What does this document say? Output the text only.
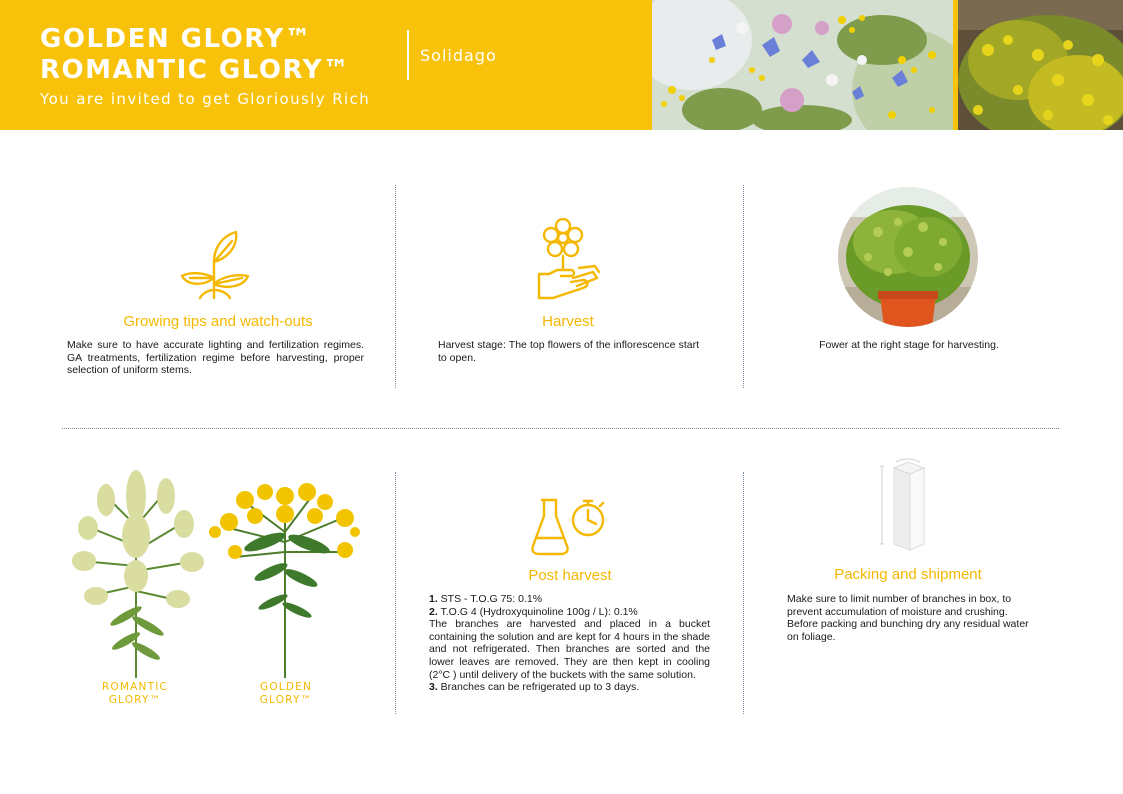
GOLDEN GLORY™
ROMANTIC GLORY™	Solidago
You are invited to get Gloriously Rich
Growing tips and watch-outs
Make sure to have accurate lighting and fertilization regimes. GA treatments, fertilization regime before harvesting, proper selection of uniform stems.
Harvest
Harvest stage: The top flowers of the inflorescence start to open.
Fower at the right stage for harvesting.
ROMANTIC
GLORY™
GOLDEN
GLORY™
Post harvest
1. STS - T.O.G 75: 0.1%
2. T.O.G 4 (Hydroxyquinoline 100g / L): 0.1%
The branches are harvested and placed in a bucket containing the solution and are kept for 4 hours in the shade and not refrigerated. Then branches are sorted and the lower leaves are removed. They are then kept in cooling (2°C ) until delivery of the buckets with the same solution.
3. Branches can be refrigerated up to 3 days.
Packing and shipment
Make sure to limit number of branches in box, to prevent accumulation of moisture and crushing. Before packing and bunching dry any residual water on foliage.
